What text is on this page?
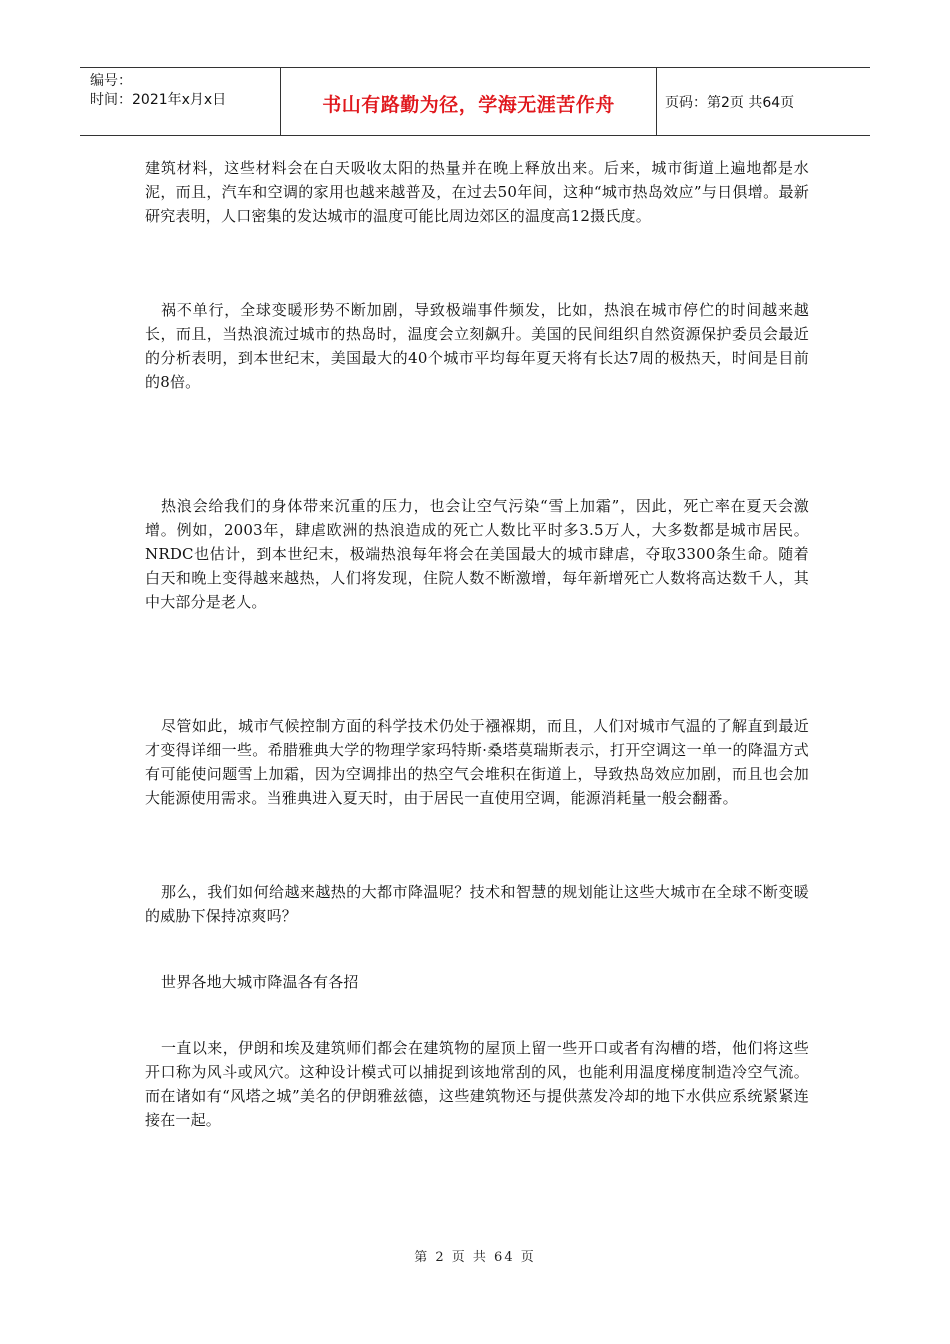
编号：
时间：2021年x月x日	书山有路勤为径，学海无涯苦作舟	页码：第2页 共64页

建筑材料，这些材料会在白天吸收太阳的热量并在晚上释放出来。后来，城市街道上遍地都是水泥，而且，汽车和空调的家用也越来越普及，在过去50年间，这种“城市热岛效应”与日俱增。最新研究表明，人口密集的发达城市的温度可能比周边郊区的温度高12摄氏度。

祸不单行，全球变暖形势不断加剧，导致极端事件频发，比如，热浪在城市停伫的时间越来越长，而且，当热浪流过城市的热岛时，温度会立刻飙升。美国的民间组织自然资源保护委员会最近的分析表明，到本世纪末，美国最大的40个城市平均每年夏天将有长达7周的极热天，时间是目前的8倍。

热浪会给我们的身体带来沉重的压力，也会让空气污染“雪上加霜”，因此，死亡率在夏天会激增。例如，2003年，肆虐欧洲的热浪造成的死亡人数比平时多3.5万人，大多数都是城市居民。NRDC也估计，到本世纪末，极端热浪每年将会在美国最大的城市肆虐，夺取3300条生命。随着白天和晚上变得越来越热，人们将发现，住院人数不断激增，每年新增死亡人数将高达数千人，其中大部分是老人。

尽管如此，城市气候控制方面的科学技术仍处于襁褓期，而且，人们对城市气温的了解直到最近才变得详细一些。希腊雅典大学的物理学家玛特斯·桑塔莫瑞斯表示，打开空调这一单一的降温方式有可能使问题雪上加霜，因为空调排出的热空气会堆积在街道上，导致热岛效应加剧，而且也会加大能源使用需求。当雅典进入夏天时，由于居民一直使用空调，能源消耗量一般会翻番。

那么，我们如何给越来越热的大都市降温呢？技术和智慧的规划能让这些大城市在全球不断变暖的威胁下保持凉爽吗？

世界各地大城市降温各有各招

一直以来，伊朗和埃及建筑师们都会在建筑物的屋顶上留一些开口或者有沟槽的塔，他们将这些开口称为风斗或风穴。这种设计模式可以捕捉到该地常刮的风，也能利用温度梯度制造冷空气流。而在诸如有“风塔之城”美名的伊朗雅兹德，这些建筑物还与提供蒸发冷却的地下水供应系统紧紧连接在一起。

第 2 页 共 64 页
